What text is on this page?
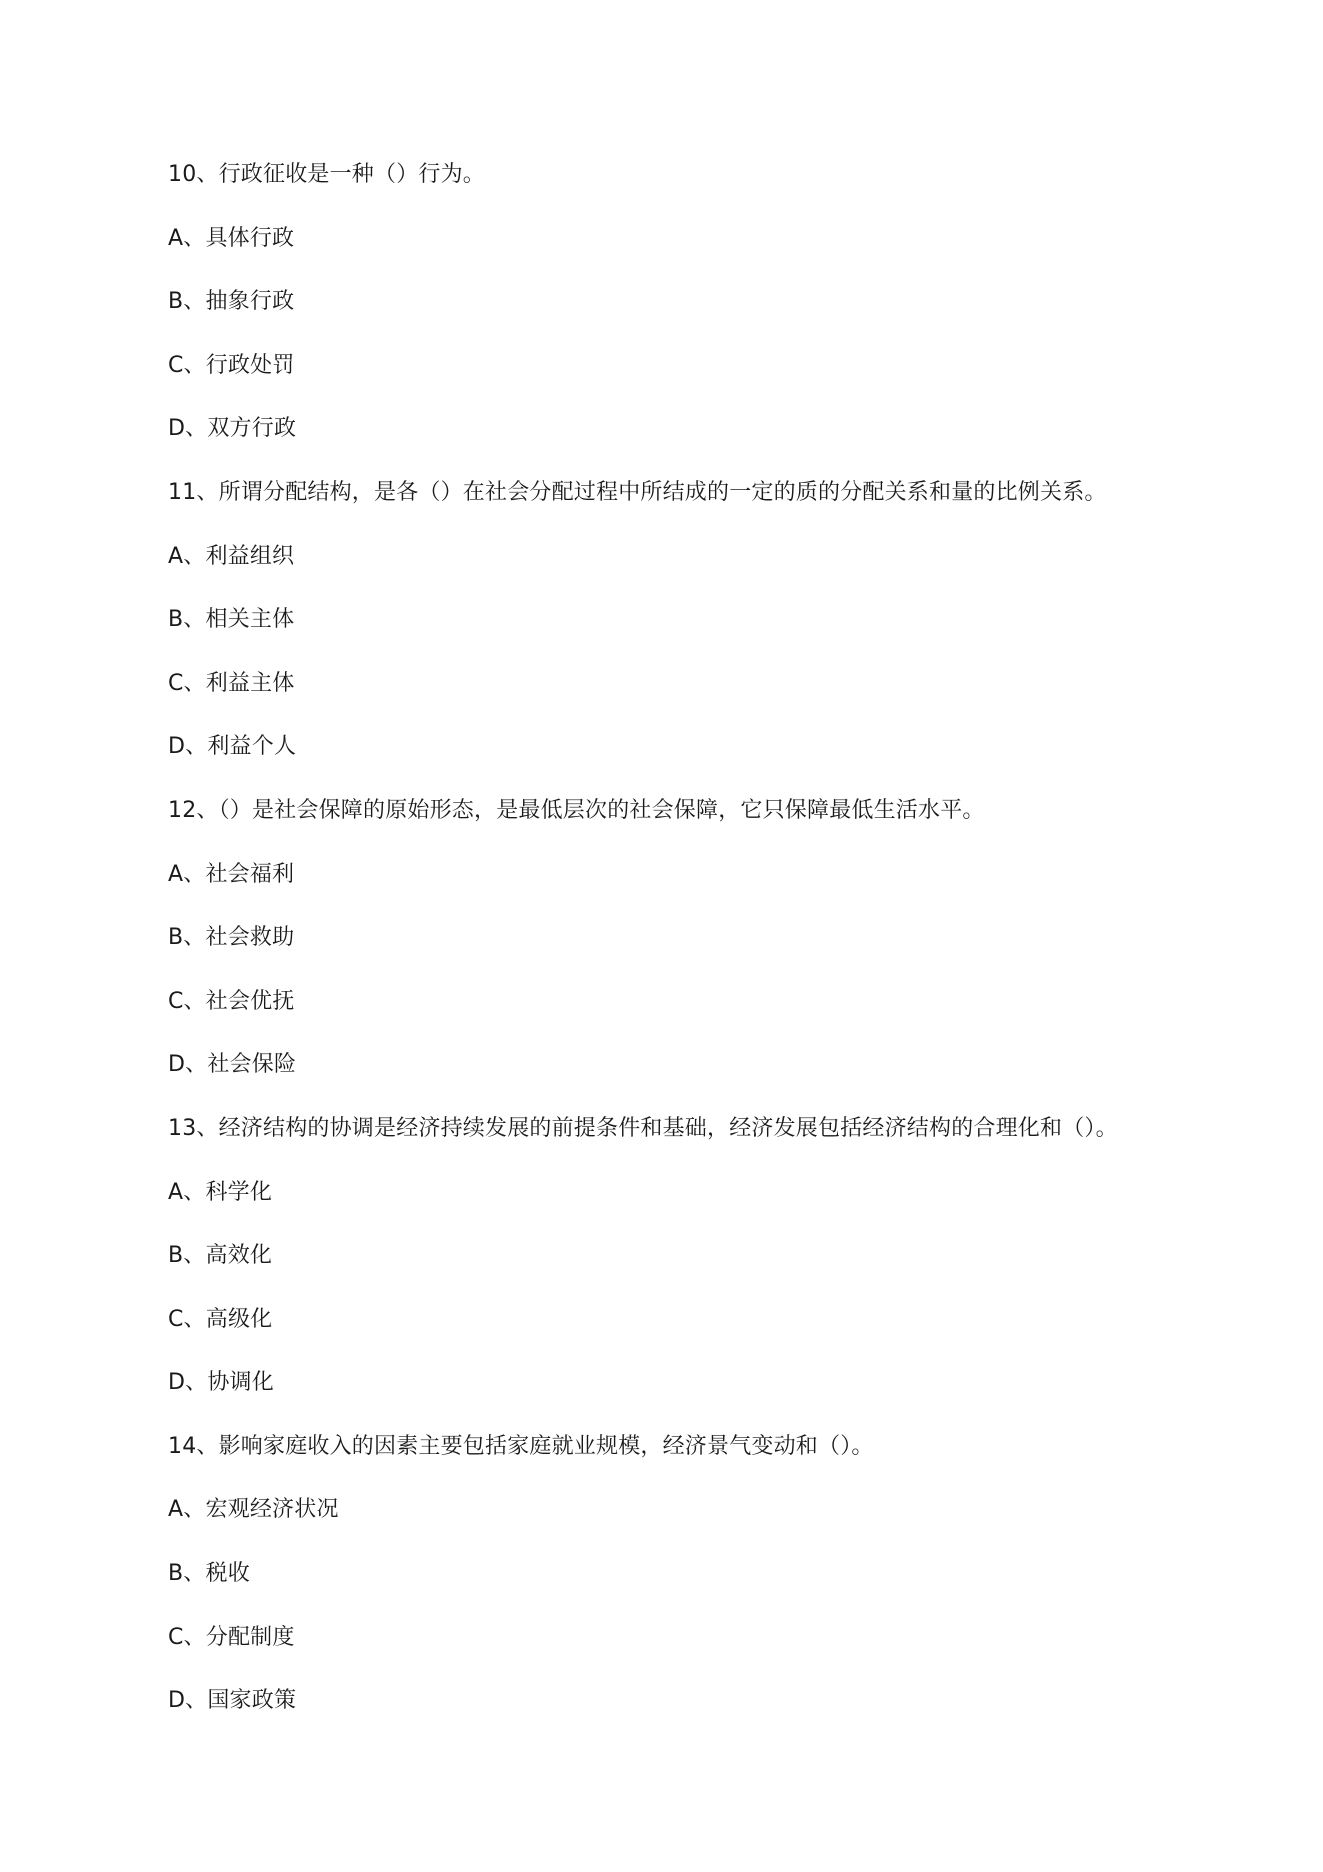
10、行政征收是一种（）行为。
A、具体行政
B、抽象行政
C、行政处罚
D、双方行政
11、所谓分配结构，是各（）在社会分配过程中所结成的一定的质的分配关系和量的比例关系。
A、利益组织
B、相关主体
C、利益主体
D、利益个人
12、（）是社会保障的原始形态，是最低层次的社会保障，它只保障最低生活水平。
A、社会福利
B、社会救助
C、社会优抚
D、社会保险
13、经济结构的协调是经济持续发展的前提条件和基础，经济发展包括经济结构的合理化和（）。
A、科学化
B、高效化
C、高级化
D、协调化
14、影响家庭收入的因素主要包括家庭就业规模，经济景气变动和（）。
A、宏观经济状况
B、税收
C、分配制度
D、国家政策
